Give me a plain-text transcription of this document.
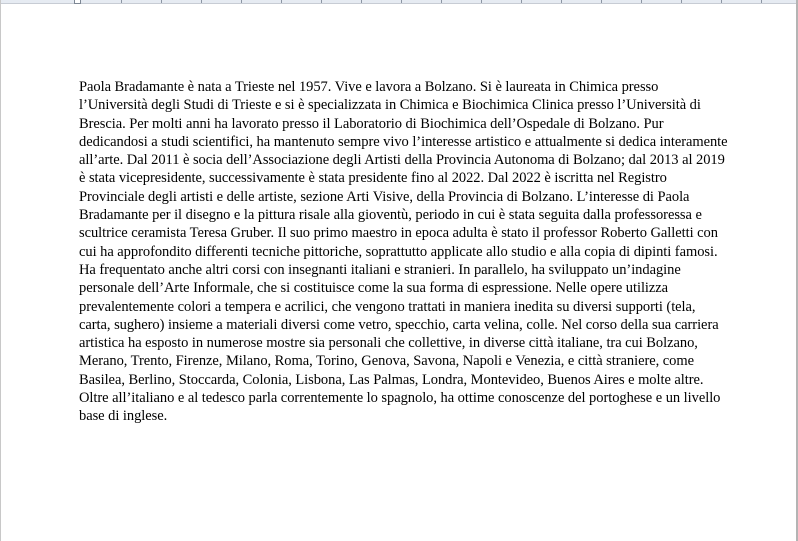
Paola Bradamante è nata a Trieste nel 1957. Vive e lavora a Bolzano. Si è laureata in Chimica presso l’Università degli Studi di Trieste e si è specializzata in Chimica e Biochimica Clinica presso l’Università di Brescia. Per molti anni ha lavorato presso il Laboratorio di Biochimica dell’Ospedale di Bolzano. Pur dedicandosi a studi scientifici, ha mantenuto sempre vivo l’interesse artistico e attualmente si dedica interamente all’arte. Dal 2011 è socia dell’Associazione degli Artisti della Provincia Autonoma di Bolzano; dal 2013 al 2019 è stata vicepresidente, successivamente è stata presidente fino al 2022. Dal 2022 è iscritta nel Registro Provinciale degli artisti e delle artiste, sezione Arti Visive, della Provincia di Bolzano. L’interesse di Paola Bradamante per il disegno e la pittura risale alla gioventù, periodo in cui è stata seguita dalla professoressa e scultrice ceramista Teresa Gruber. Il suo primo maestro in epoca adulta è stato il professor Roberto Galletti con cui ha approfondito differenti tecniche pittoriche, soprattutto applicate allo studio e alla copia di dipinti famosi. Ha frequentato anche altri corsi con insegnanti italiani e stranieri. In parallelo, ha sviluppato un’indagine personale dell’Arte Informale, che si costituisce come la sua forma di espressione. Nelle opere utilizza prevalentemente colori a tempera e acrilici, che vengono trattati in maniera inedita su diversi supporti (tela, carta, sughero) insieme a materiali diversi come vetro, specchio, carta velina, colle. Nel corso della sua carriera artistica ha esposto in numerose mostre sia personali che collettive, in diverse città italiane, tra cui Bolzano, Merano, Trento, Firenze, Milano, Roma, Torino, Genova, Savona, Napoli e Venezia, e città straniere, come Basilea, Berlino, Stoccarda, Colonia, Lisbona, Las Palmas, Londra, Montevideo, Buenos Aires e molte altre. Oltre all’italiano e al tedesco parla correntemente lo spagnolo, ha ottime conoscenze del portoghese e un livello base di inglese.
